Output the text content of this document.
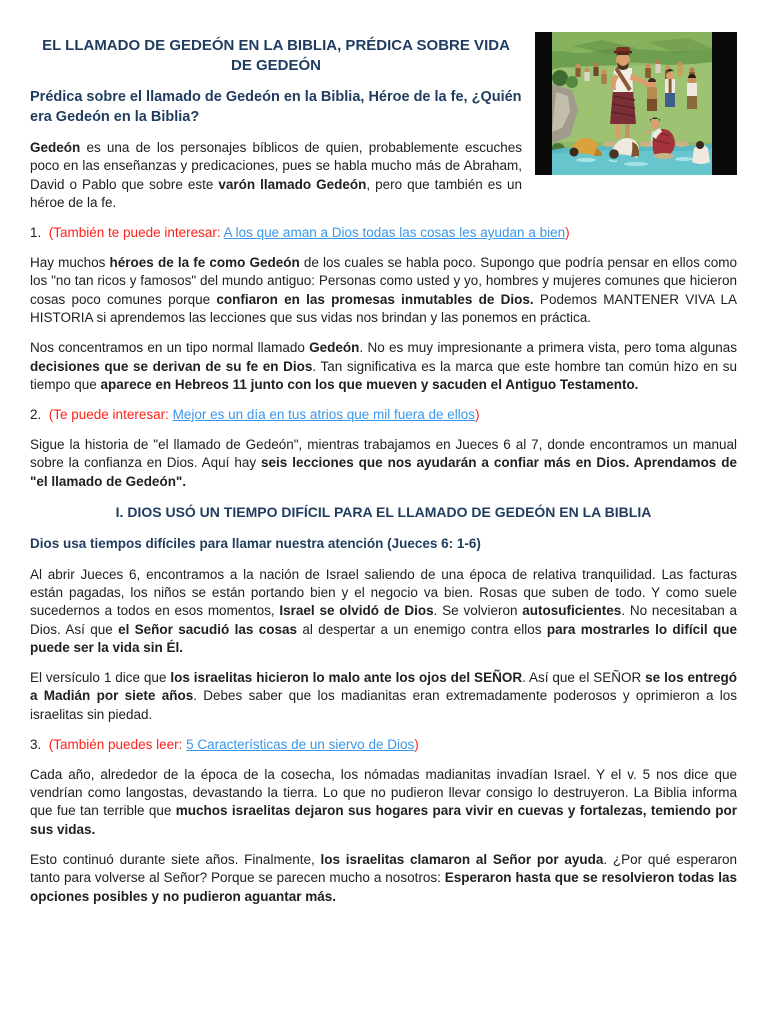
EL LLAMADO DE GEDEÓN EN LA BIBLIA, PRÉDICA SOBRE VIDA DE GEDEÓN
Prédica sobre el llamado de Gedeón en la Biblia, Héroe de la fe, ¿Quién era Gedeón en la Biblia?

Gedeón es una de los personajes bíblicos de quien, probablemente escuches poco en las enseñanzas y predicaciones, pues se habla mucho más de Abraham, David o Pablo que sobre este varón llamado Gedeón, pero que también es un héroe de la fe.

1.  (También te puede interesar: A los que aman a Dios todas las cosas les ayudan a bien)

Hay muchos héroes de la fe como Gedeón de los cuales se habla poco. Supongo que podría pensar en ellos como los "no tan ricos y famosos" del mundo antiguo: Personas como usted y yo, hombres y mujeres comunes que hicieron cosas poco comunes porque confiaron en las promesas inmutables de Dios. Podemos MANTENER VIVA LA HISTORIA si aprendemos las lecciones que sus vidas nos brindan y las ponemos en práctica.

Nos concentramos en un tipo normal llamado Gedeón. No es muy impresionante a primera vista, pero toma algunas decisiones que se derivan de su fe en Dios. Tan significativa es la marca que este hombre tan común hizo en su tiempo que aparece en Hebreos 11 junto con los que mueven y sacuden el Antiguo Testamento.

2.  (Te puede interesar: Mejor es un día en tus atrios que mil fuera de ellos)

Sigue la historia de "el llamado de Gedeón", mientras trabajamos en Jueces 6 al 7, donde encontramos un manual sobre la confianza en Dios. Aquí hay seis lecciones que nos ayudarán a confiar más en Dios. Aprendamos de "el llamado de Gedeón".

I. DIOS USÓ UN TIEMPO DIFÍCIL PARA EL LLAMADO DE GEDEÓN EN LA BIBLIA
Dios usa tiempos difíciles para llamar nuestra atención (Jueces 6: 1-6)

Al abrir Jueces 6, encontramos a la nación de Israel saliendo de una época de relativa tranquilidad. Las facturas están pagadas, los niños se están portando bien y el negocio va bien. Rosas que suben de todo. Y como suele sucedernos a todos en esos momentos, Israel se olvidó de Dios. Se volvieron autosuficientes. No necesitaban a Dios. Así que el Señor sacudió las cosas al despertar a un enemigo contra ellos para mostrarles lo difícil que puede ser la vida sin Él.

El versículo 1 dice que los israelitas hicieron lo malo ante los ojos del SEÑOR. Así que el SEÑOR se los entregó a Madián por siete años. Debes saber que los madianitas eran extremadamente poderosos y oprimieron a los israelitas sin piedad.

3.  (También puedes leer: 5 Características de un siervo de Dios)

Cada año, alrededor de la época de la cosecha, los nómadas madianitas invadían Israel. Y el v. 5 nos dice que vendrían como langostas, devastando la tierra. Lo que no pudieron llevar consigo lo destruyeron. La Biblia informa que fue tan terrible que muchos israelitas dejaron sus hogares para vivir en cuevas y fortalezas, temiendo por sus vidas.

Esto continuó durante siete años. Finalmente, los israelitas clamaron al Señor por ayuda. ¿Por qué esperaron tanto para volverse al Señor? Porque se parecen mucho a nosotros: Esperaron hasta que se resolvieron todas las opciones posibles y no pudieron aguantar más.
